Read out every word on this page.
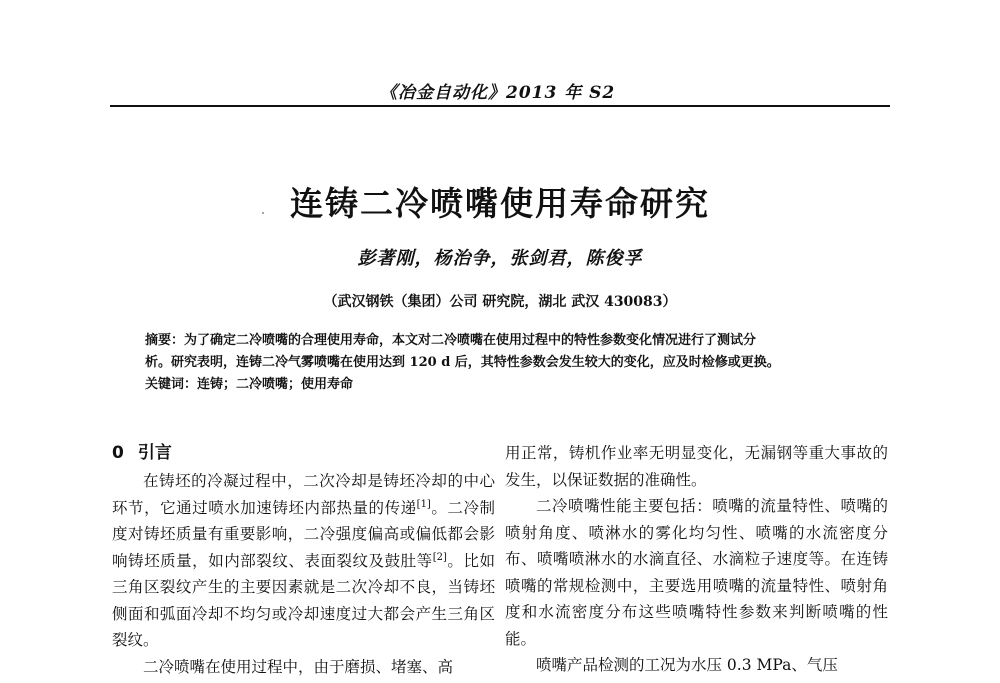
《冶金自动化》2013 年 S2
连铸二冷喷嘴使用寿命研究
彭著刚，杨治争，张剑君，陈俊孚
（武汉钢铁（集团）公司 研究院，湖北 武汉 430083）

摘要：为了确定二冷喷嘴的合理使用寿命，本文对二冷喷嘴在使用过程中的特性参数变化情况进行了测试分

析。研究表明，连铸二冷气雾喷嘴在使用达到 120 d 后，其特性参数会发生较大的变化，应及时检修或更换。

关键词：连铸；二冷喷嘴；使用寿命

0 引言

在铸坯的冷凝过程中，二次冷却是铸坯冷却的中心环节，它通过喷水加速铸坯内部热量的传递[1]。二冷制度对铸坯质量有重要影响，二冷强度偏高或偏低都会影响铸坯质量，如内部裂纹、表面裂纹及鼓肚等[2]。比如三角区裂纹产生的主要因素就是二次冷却不良，当铸坯侧面和弧面冷却不均匀或冷却速度过大都会产生三角区裂纹。

二冷喷嘴在使用过程中，由于磨损、堵塞、高

用正常，铸机作业率无明显变化，无漏钢等重大事故的发生，以保证数据的准确性。

二冷喷嘴性能主要包括：喷嘴的流量特性、喷嘴的喷射角度、喷淋水的雾化均匀性、喷嘴的水流密度分布、喷嘴喷淋水的水滴直径、水滴粒子速度等。在连铸喷嘴的常规检测中，主要选用喷嘴的流量特性、喷射角度和水流密度分布这些喷嘴特性参数来判断喷嘴的性能。

喷嘴产品检测的工况为水压 0.3 MPa、气压
